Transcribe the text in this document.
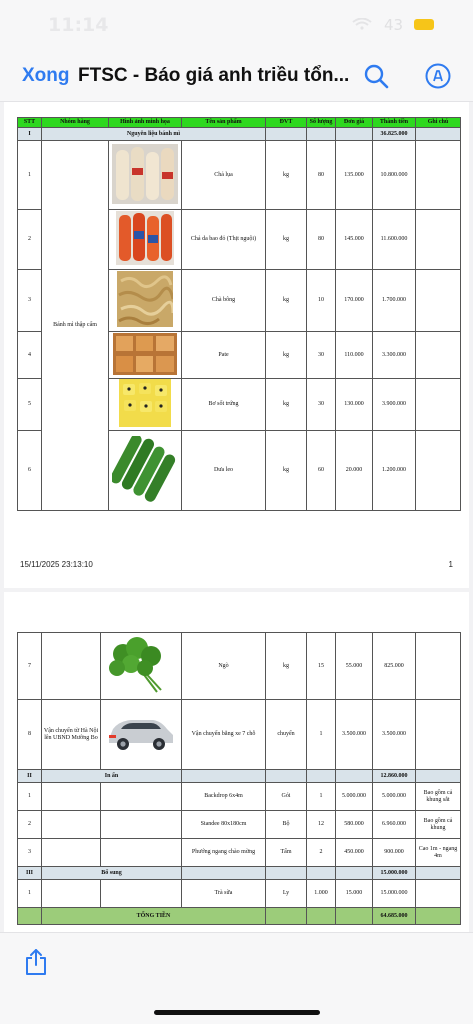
11:14	43
Xong FTSC - Báo giá anh triều tổn...
STT	Nhóm hàng	Hình ảnh minh họa	Tên sản phẩm	ĐVT	Số lượng	Đơn giá	Thành tiền	Ghi chú
I	Nguyên liệu bánh mì						36.825.000	
1	Bánh mì thập cẩm		Chả lụa	kg	80	135.000	10.800.000	
2			Chả da bao đỏ (Thịt nguội)	kg	80	145.000	11.600.000	
3			Chà bông	kg	10	170.000	1.700.000	
4			Pate	kg	30	110.000	3.300.000	
5			Bơ sốt trứng	kg	30	130.000	3.900.000	
6			Dưa leo	kg	60	20.000	1.200.000	
15/11/2025 23:13:10	1
7			Ngò	kg	15	55.000	825.000	
8	Vận chuyển từ Hà Nội lên UBND Mường Bo		Vận chuyển bằng xe 7 chỗ	chuyến	1	3.500.000	3.500.000	
II	In ấn						12.860.000	
1			Backdrop 6x4m	Gói	1	5.000.000	5.000.000	Bao gồm cả khung sắt
2			Standee 80x180cm	Bộ	12	580.000	6.960.000	Bao gồm cả khung
3			Phướng ngang chào mừng	Tấm	2	450.000	900.000	Cao 1m - ngang 4m
III	Bổ sung						15.000.000	
1			Trà sữa	Ly	1.000	15.000	15.000.000	
	TỔNG TIỀN						64.685.000	
